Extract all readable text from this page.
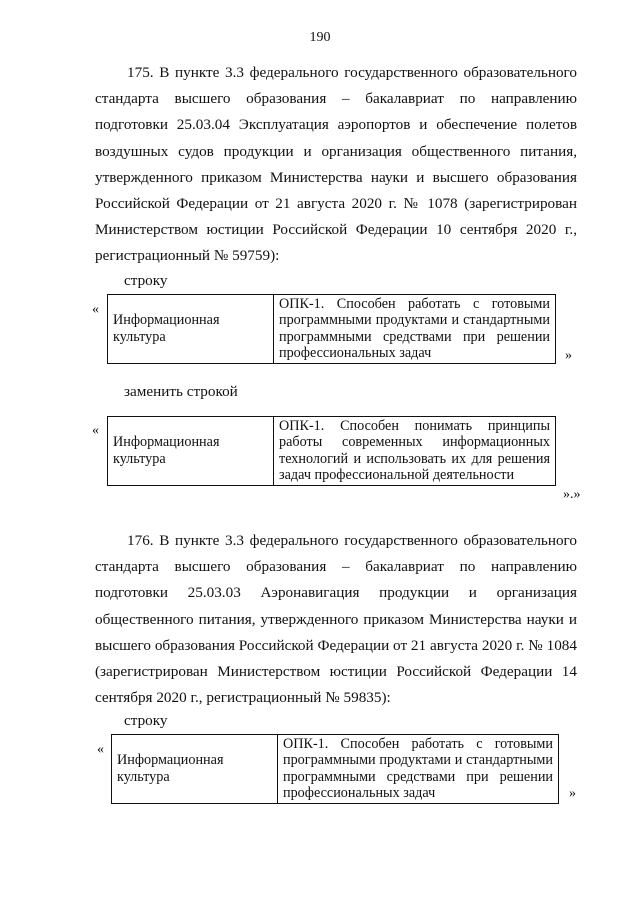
190
175. В пункте 3.3 федерального государственного образовательного стандарта высшего образования – бакалавриат по направлению подготовки 25.03.04 Эксплуатация аэропортов и обеспечение полетов воздушных судов продукции и организация общественного питания, утвержденного приказом Министерства науки и высшего образования Российской Федерации от 21 августа 2020 г. № 1078 (зарегистрирован Министерством юстиции Российской Федерации 10 сентября 2020 г., регистрационный № 59759):
строку
«
Информационная культура	ОПК-1. Способен работать с готовыми программными продуктами и стандартными программными средствами при решении профессиональных задач	»
заменить строкой
«
Информационная культура	ОПК-1. Способен понимать принципы работы современных информационных технологий и использовать их для решения задач профессиональной деятельности
».»
176. В пункте 3.3 федерального государственного образовательного стандарта высшего образования – бакалавриат по направлению подготовки 25.03.03 Аэронавигация продукции и организация общественного питания, утвержденного приказом Министерства науки и высшего образования Российской Федерации от 21 августа 2020 г. № 1084 (зарегистрирован Министерством юстиции Российской Федерации 14 сентября 2020 г., регистрационный № 59835):
строку
«
Информационная культура	ОПК-1. Способен работать с готовыми программными продуктами и стандартными программными средствами при решении профессиональных задач	»
